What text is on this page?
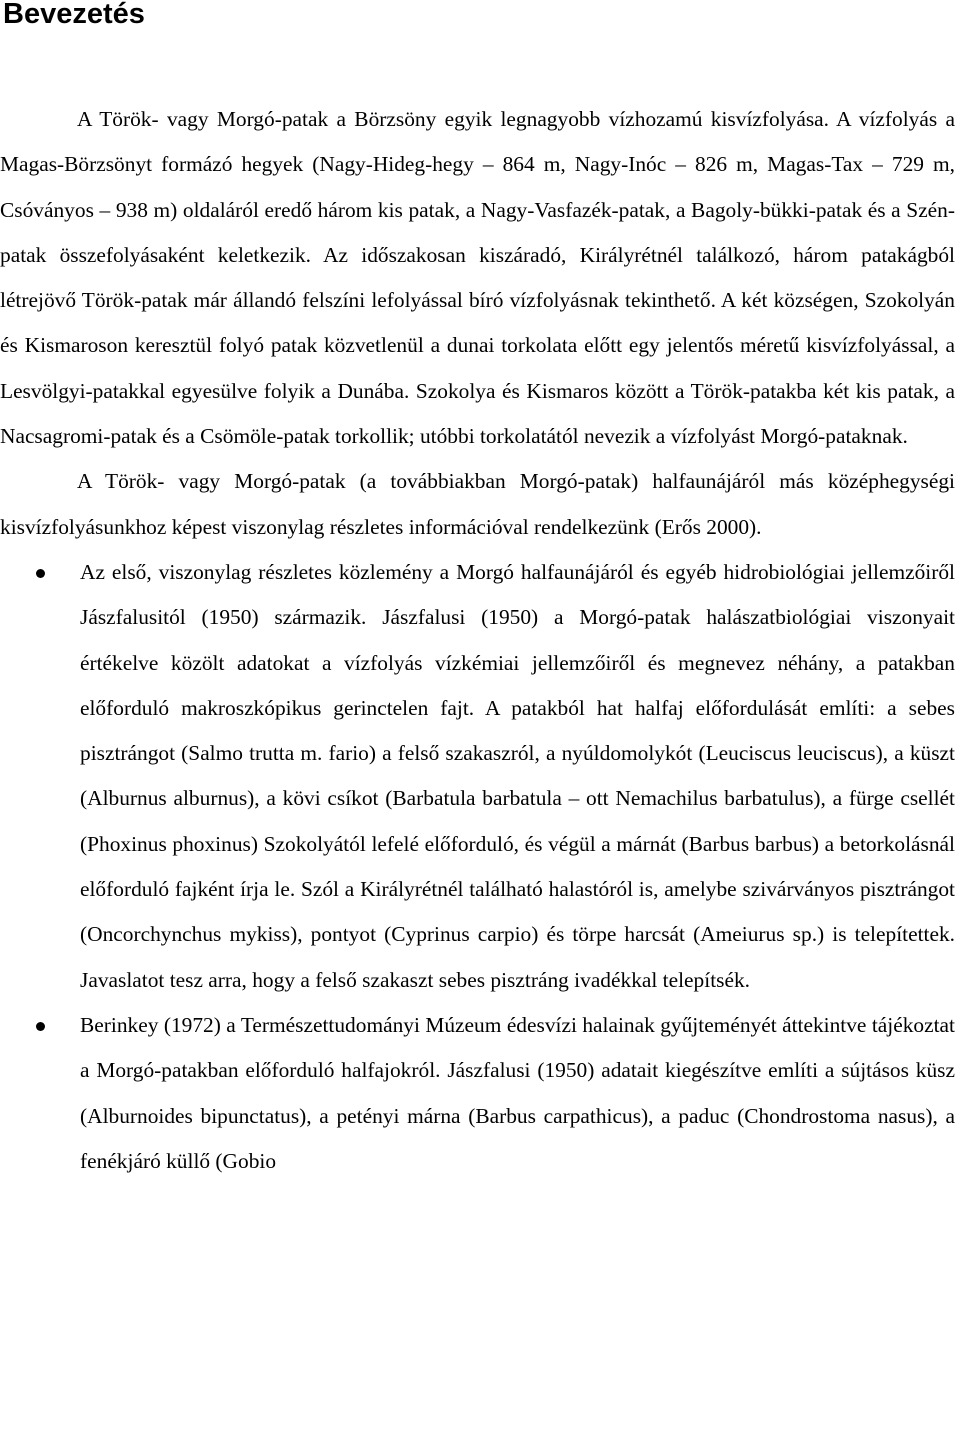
Bevezetés

A Török- vagy Morgó-patak a Börzsöny egyik legnagyobb vízhozamú kisvízfolyása. A vízfolyás a Magas-Börzsönyt formázó hegyek (Nagy-Hideg-hegy – 864 m, Nagy-Inóc – 826 m, Magas-Tax – 729 m, Csóványos – 938 m) oldaláról eredő három kis patak, a Nagy-Vasfazék-patak, a Bagoly-bükki-patak és a Szén-patak összefolyásaként keletkezik. Az időszakosan kiszáradó, Királyrétnél találkozó, három patakágból létrejövő Török-patak már állandó felszíni lefolyással bíró vízfolyásnak tekinthető. A két községen, Szokolyán és Kismaroson keresztül folyó patak közvetlenül a dunai torkolata előtt egy jelentős méretű kisvízfolyással, a Lesvölgyi-patakkal egyesülve folyik a Dunába. Szokolya és Kismaros között a Török-patakba két kis patak, a Nacsagromi-patak és a Csömöle-patak torkollik; utóbbi torkolatától nevezik a vízfolyást Morgó-pataknak.

A Török- vagy Morgó-patak (a továbbiakban Morgó-patak) halfaunájáról más középhegységi kisvízfolyásunkhoz képest viszonylag részletes információval rendelkezünk (Erős 2000).

Az első, viszonylag részletes közlemény a Morgó halfaunájáról és egyéb hidrobiológiai jellemzőiről Jászfalusitól (1950) származik. Jászfalusi (1950) a Morgó-patak halászatbiológiai viszonyait értékelve közölt adatokat a vízfolyás vízkémiai jellemzőiről és megnevez néhány, a patakban előforduló makroszkópikus gerinctelen fajt. A patakból hat halfaj előfordulását említi: a sebes pisztrángot (Salmo trutta m. fario) a felső szakaszról, a nyúldomolykót (Leuciscus leuciscus), a küszt (Alburnus alburnus), a kövi csíkot (Barbatula barbatula – ott Nemachilus barbatulus), a fürge csellét (Phoxinus phoxinus) Szokolyától lefelé előforduló, és végül a márnát (Barbus barbus) a betorkolásnál előforduló fajként írja le. Szól a Királyrétnél található halastóról is, amelybe szivárványos pisztrángot (Oncorchynchus mykiss), pontyot (Cyprinus carpio) és törpe harcsát (Ameiurus sp.) is telepítettek. Javaslatot tesz arra, hogy a felső szakaszt sebes pisztráng ivadékkal telepítsék.
Berinkey (1972) a Természettudományi Múzeum édesvízi halainak gyűjteményét áttekintve tájékoztat a Morgó-patakban előforduló halfajokról. Jászfalusi (1950) adatait kiegészítve említi a sújtásos küsz (Alburnoides bipunctatus), a petényi márna (Barbus carpathicus), a paduc (Chondrostoma nasus), a fenékjáró küllő (Gobio
